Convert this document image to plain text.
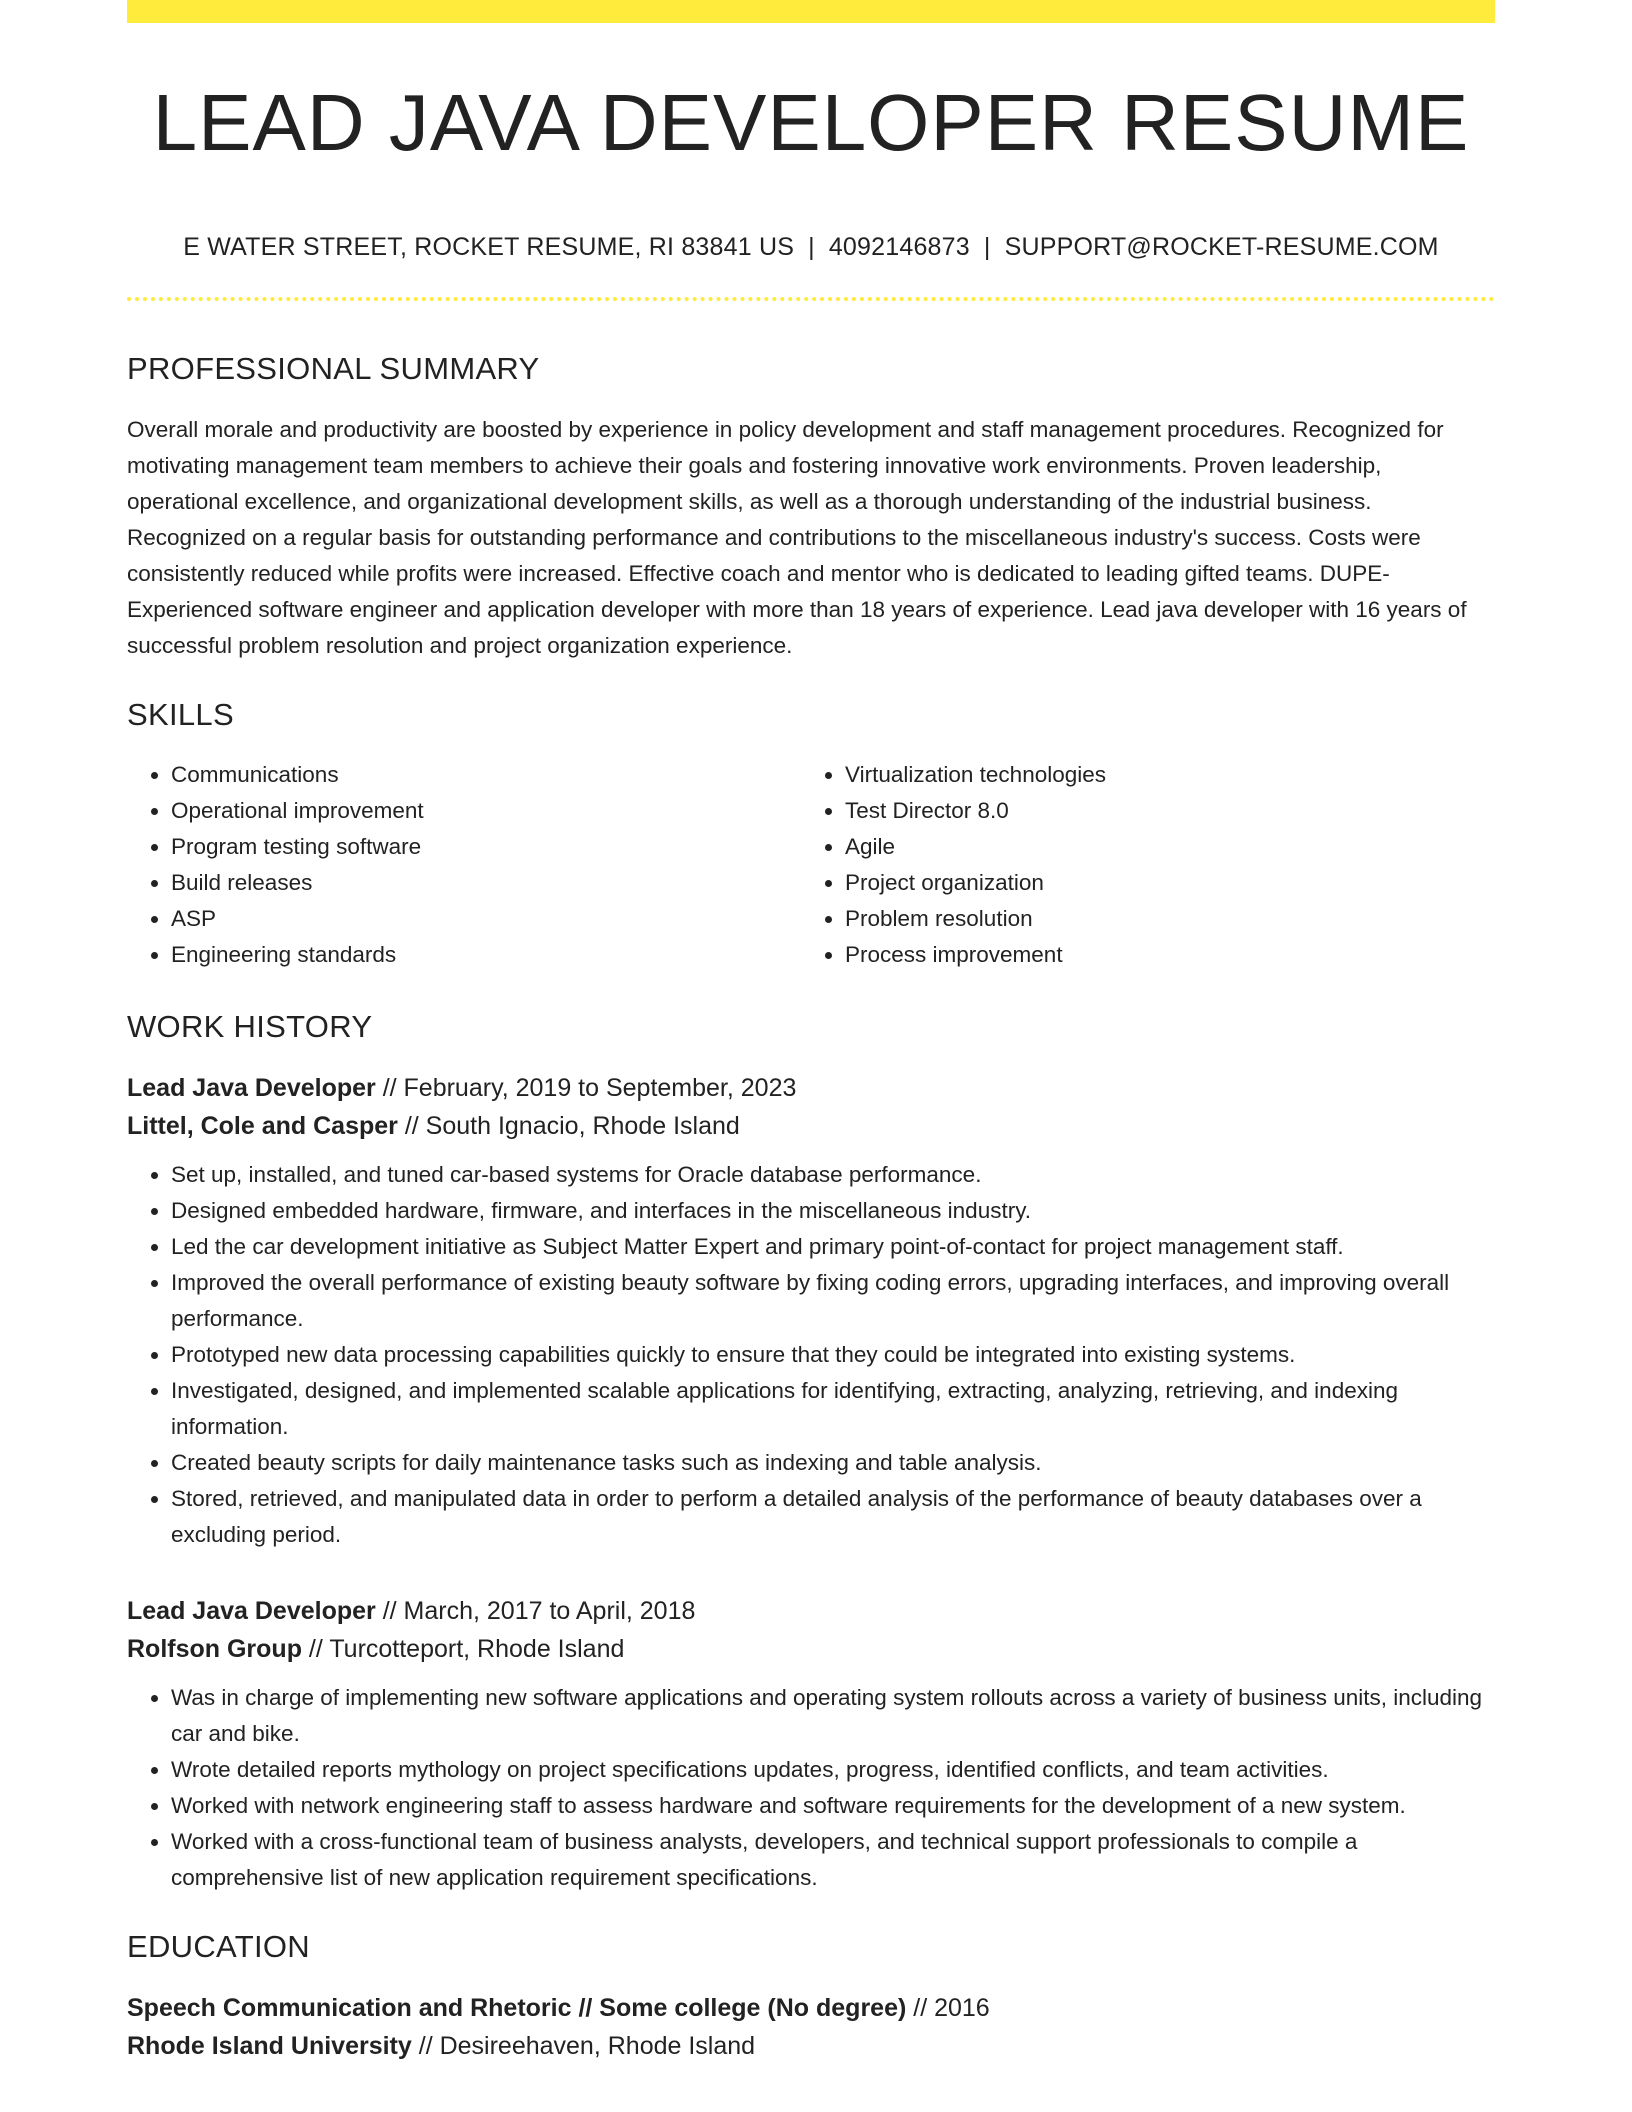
LEAD JAVA DEVELOPER RESUME
E WATER STREET, ROCKET RESUME, RI 83841 US | 4092146873 | SUPPORT@ROCKET-RESUME.COM
PROFESSIONAL SUMMARY

Overall morale and productivity are boosted by experience in policy development and staff management procedures. Recognized for motivating management team members to achieve their goals and fostering innovative work environments. Proven leadership, operational excellence, and organizational development skills, as well as a thorough understanding of the industrial business. Recognized on a regular basis for outstanding performance and contributions to the miscellaneous industry's success. Costs were consistently reduced while profits were increased. Effective coach and mentor who is dedicated to leading gifted teams. DUPE- Experienced software engineer and application developer with more than 18 years of experience. Lead java developer with 16 years of successful problem resolution and project organization experience.

SKILLS
• Communications
• Operational improvement
• Program testing software
• Build releases
• ASP
• Engineering standards
• Virtualization technologies
• Test Director 8.0
• Agile
• Project organization
• Problem resolution
• Process improvement
WORK HISTORY
Lead Java Developer // February, 2019 to September, 2023
Littel, Cole and Casper // South Ignacio, Rhode Island
• Set up, installed, and tuned car-based systems for Oracle database performance.
• Designed embedded hardware, firmware, and interfaces in the miscellaneous industry.
• Led the car development initiative as Subject Matter Expert and primary point-of-contact for project management staff.
• Improved the overall performance of existing beauty software by fixing coding errors, upgrading interfaces, and improving overall performance.
• Prototyped new data processing capabilities quickly to ensure that they could be integrated into existing systems.
• Investigated, designed, and implemented scalable applications for identifying, extracting, analyzing, retrieving, and indexing information.
• Created beauty scripts for daily maintenance tasks such as indexing and table analysis.
• Stored, retrieved, and manipulated data in order to perform a detailed analysis of the performance of beauty databases over a excluding period.
Lead Java Developer // March, 2017 to April, 2018
Rolfson Group // Turcotteport, Rhode Island
• Was in charge of implementing new software applications and operating system rollouts across a variety of business units, including car and bike.
• Wrote detailed reports mythology on project specifications updates, progress, identified conflicts, and team activities.
• Worked with network engineering staff to assess hardware and software requirements for the development of a new system.
• Worked with a cross-functional team of business analysts, developers, and technical support professionals to compile a comprehensive list of new application requirement specifications.
EDUCATION
Speech Communication and Rhetoric // Some college (No degree) // 2016
Rhode Island University // Desireehaven, Rhode Island
